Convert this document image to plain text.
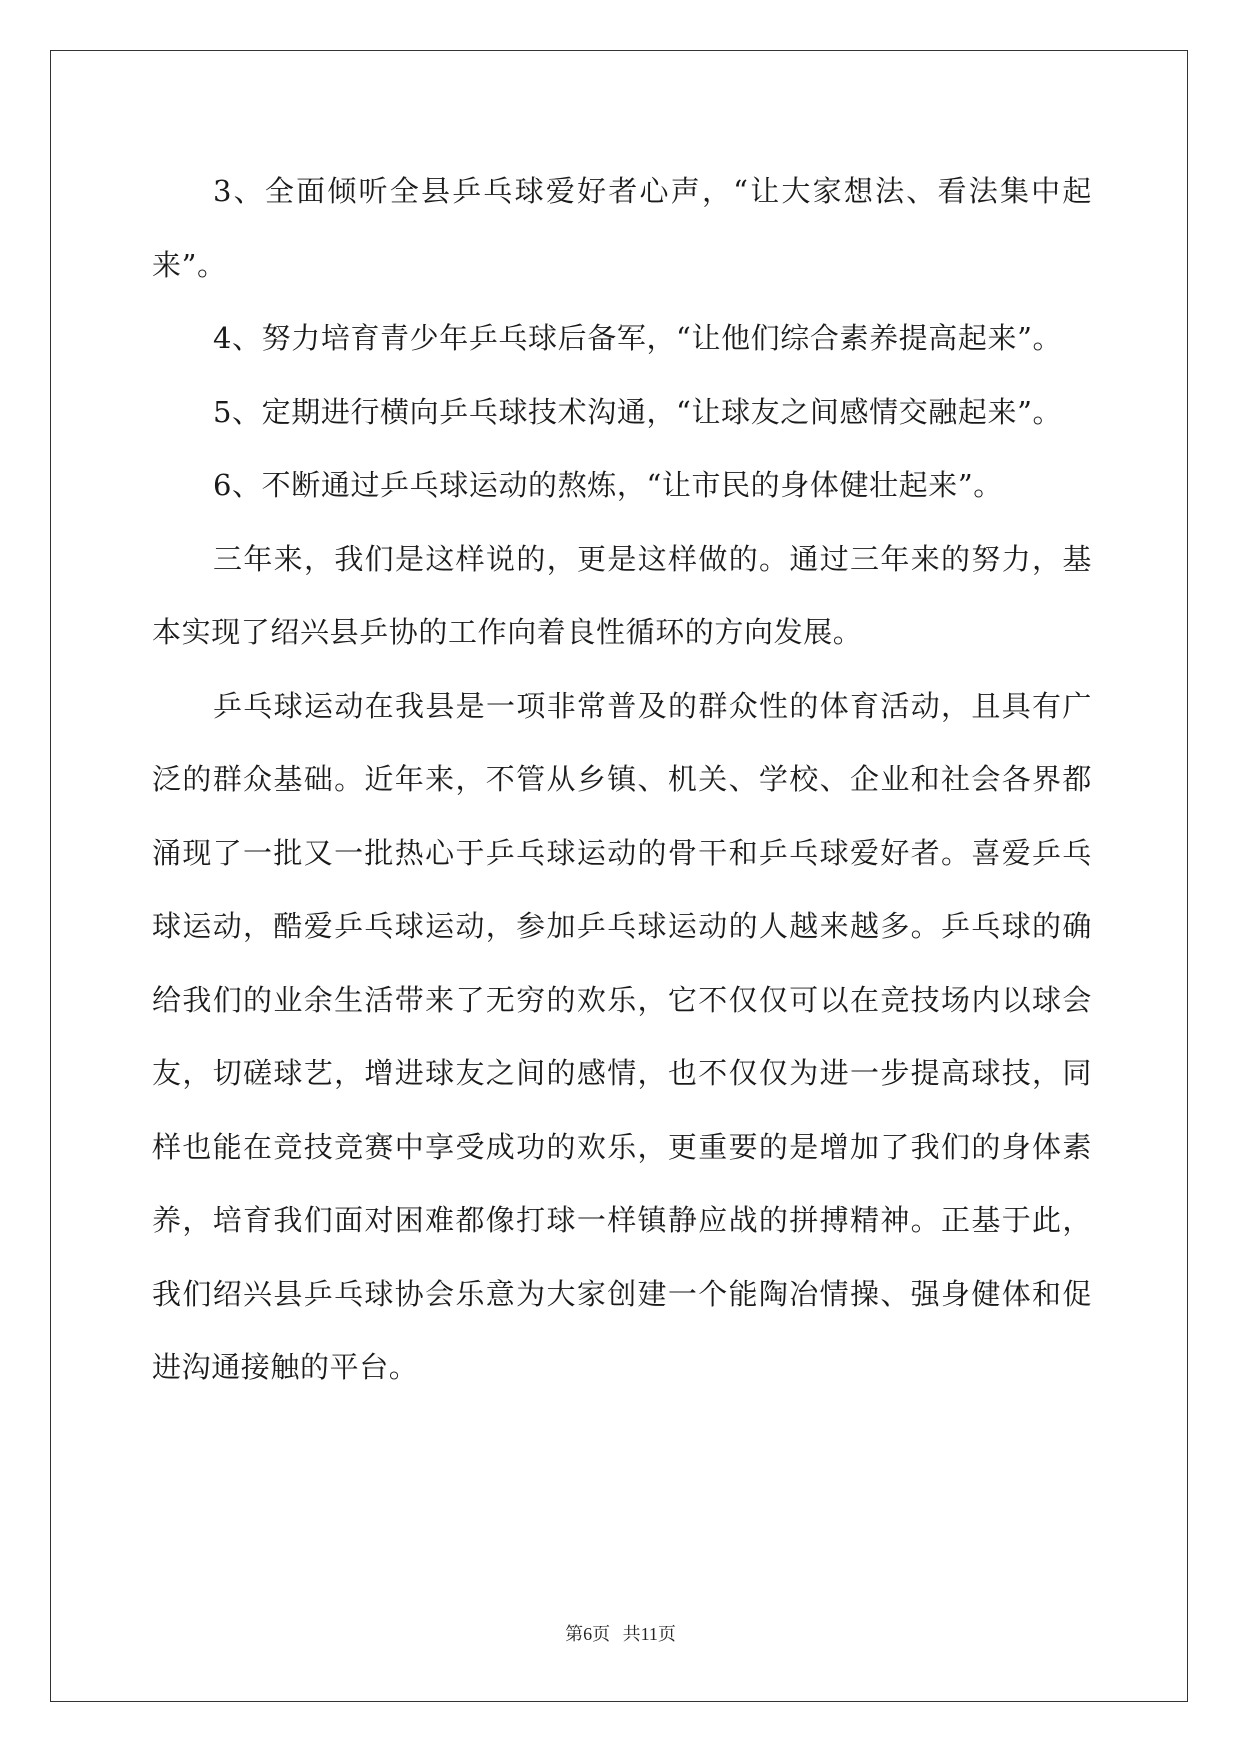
3、全面倾听全县乒乓球爱好者心声，“让大家想法、看法集中起来”。

4、努力培育青少年乒乓球后备军，“让他们综合素养提高起来”。

5、定期进行横向乒乓球技术沟通，“让球友之间感情交融起来”。

6、不断通过乒乓球运动的熬炼，“让市民的身体健壮起来”。

三年来，我们是这样说的，更是这样做的。通过三年来的努力，基本实现了绍兴县乒协的工作向着良性循环的方向发展。

乒乓球运动在我县是一项非常普及的群众性的体育活动，且具有广泛的群众基础。近年来，不管从乡镇、机关、学校、企业和社会各界都涌现了一批又一批热心于乒乓球运动的骨干和乒乓球爱好者。喜爱乒乓球运动，酷爱乒乓球运动，参加乒乓球运动的人越来越多。乒乓球的确给我们的业余生活带来了无穷的欢乐，它不仅仅可以在竞技场内以球会友，切磋球艺，增进球友之间的感情，也不仅仅为进一步提高球技，同样也能在竞技竞赛中享受成功的欢乐，更重要的是增加了我们的身体素养，培育我们面对困难都像打球一样镇静应战的拼搏精神。正基于此，我们绍兴县乒乓球协会乐意为大家创建一个能陶冶情操、强身健体和促进沟通接触的平台。

第6页 共11页
